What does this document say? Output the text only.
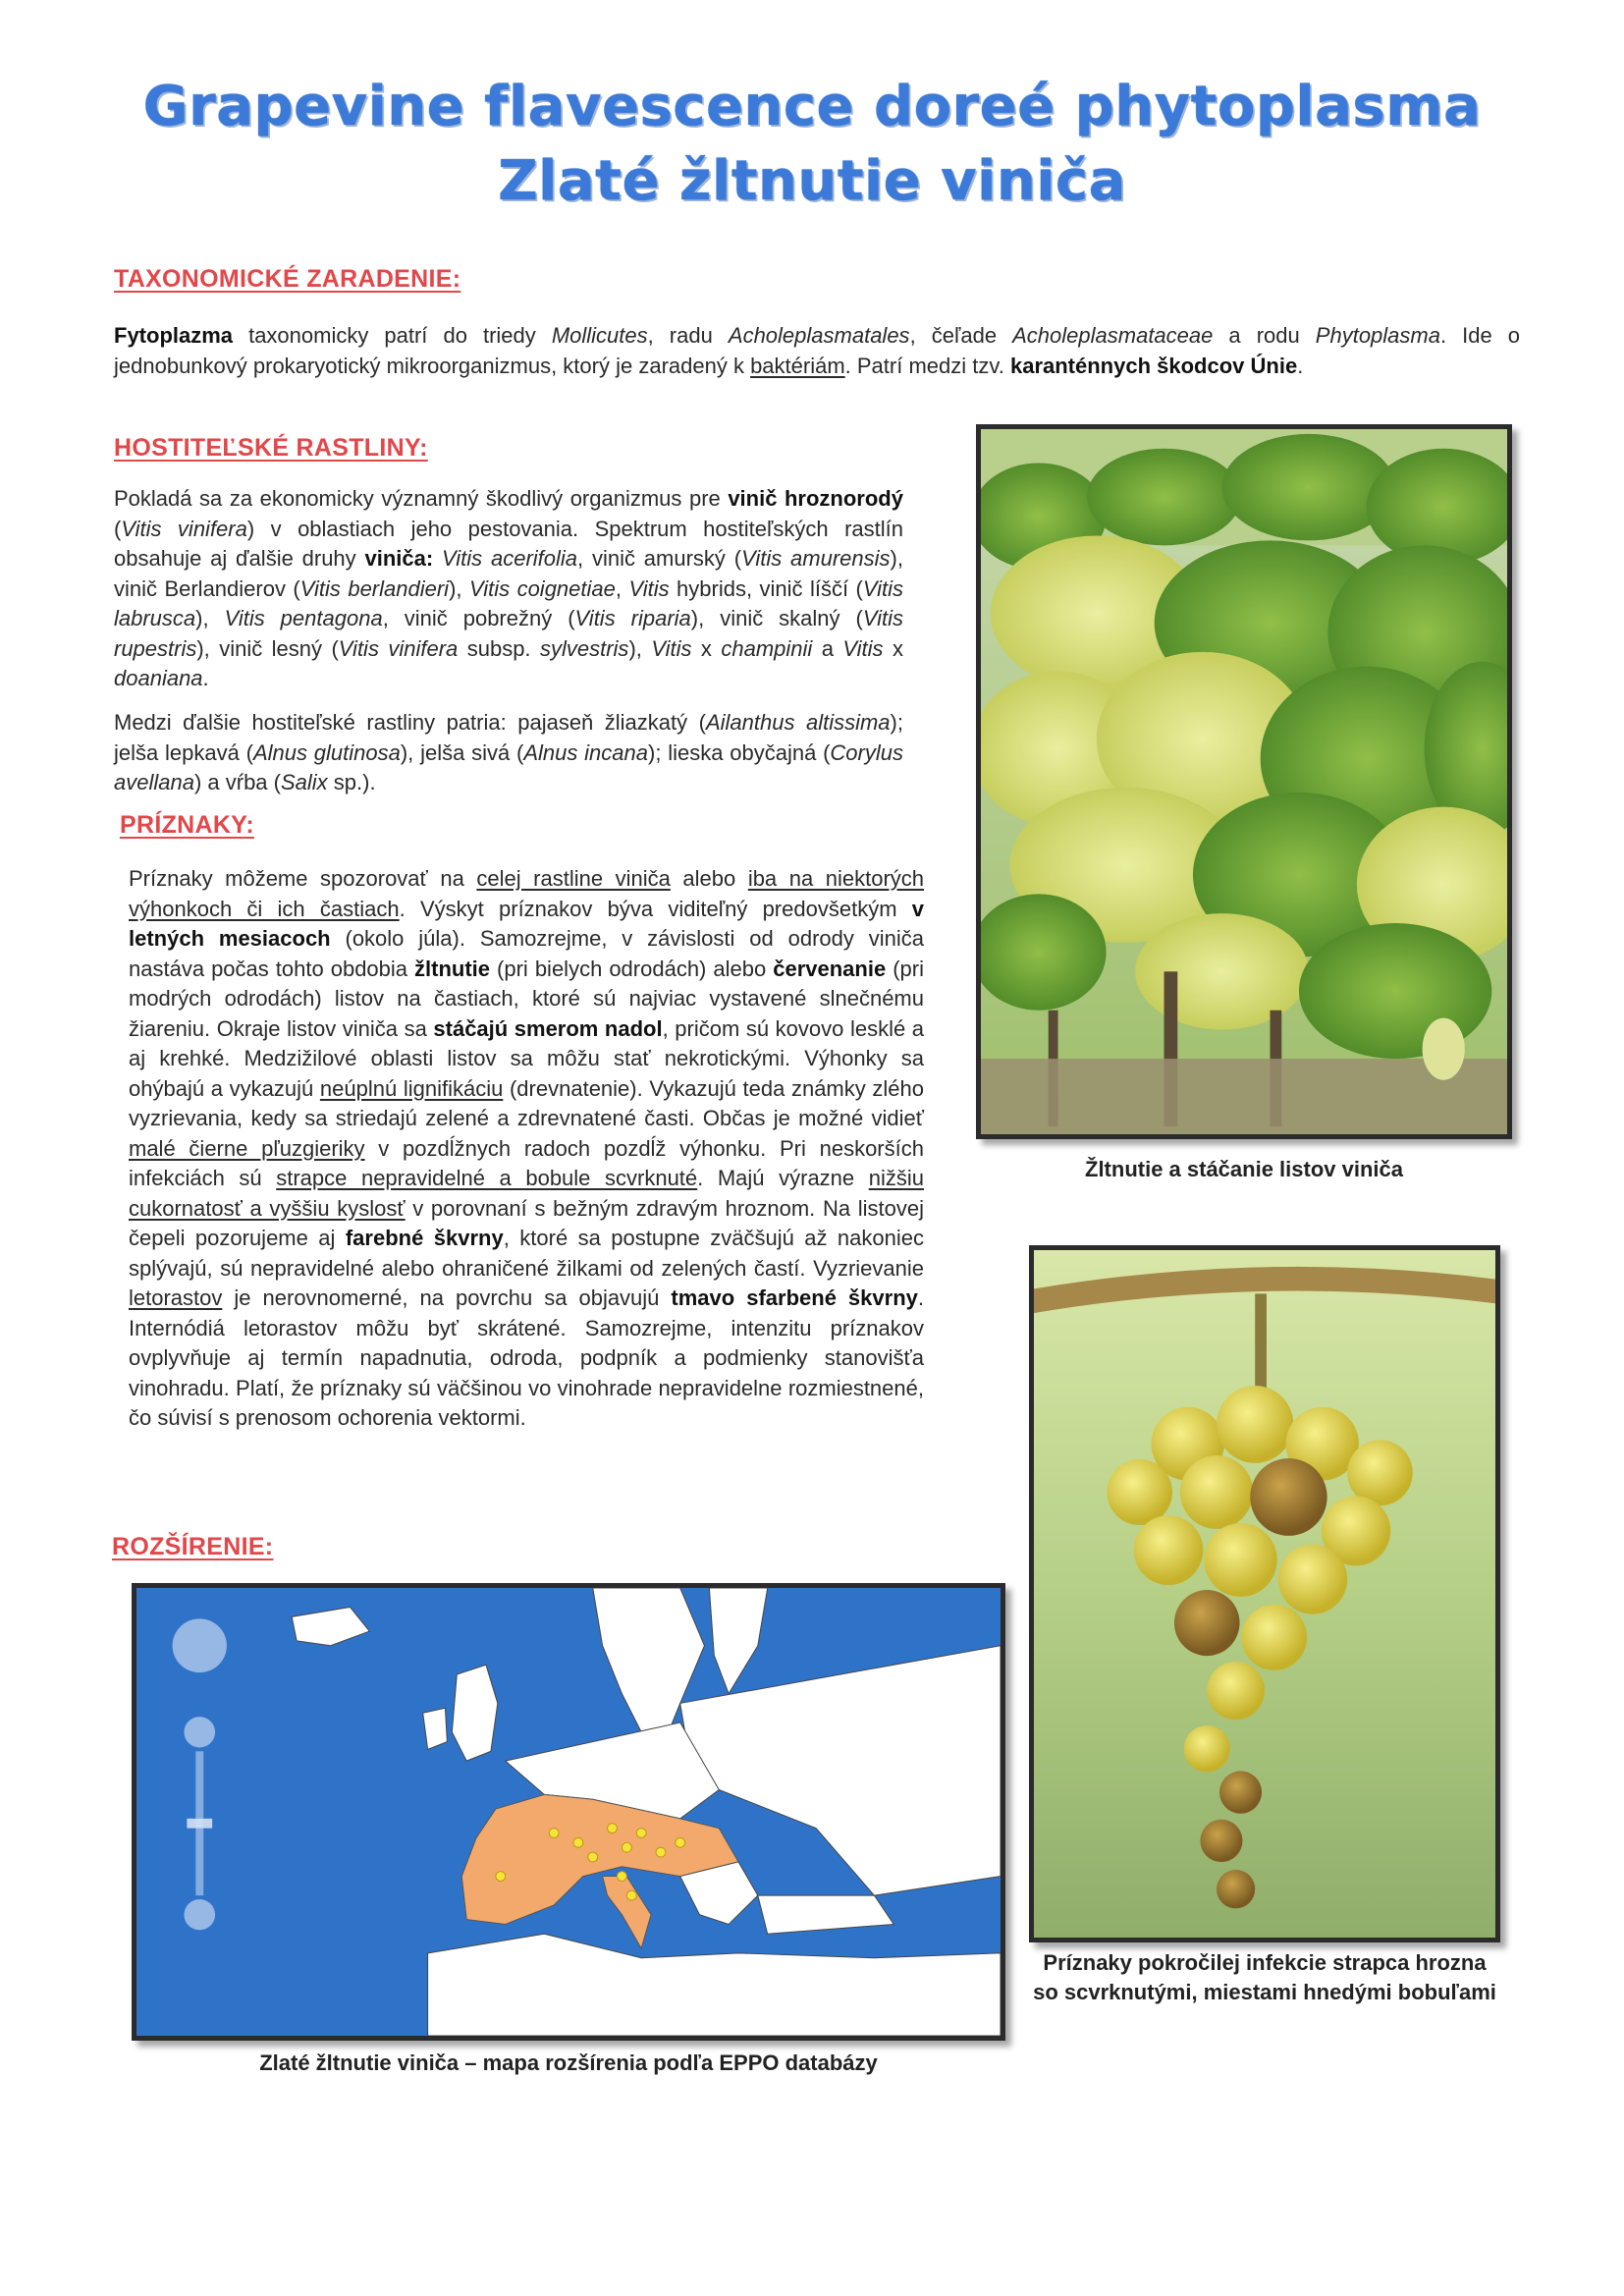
Grapevine flavescence doreé phytoplasma
Zlaté žltnutie viniča
TAXONOMICKÉ ZARADENIE:
Fytoplazma taxonomicky patrí do triedy Mollicutes, radu Acholeplasmatales, čeľade Acholeplasmataceae a rodu Phytoplasma. Ide o jednobunkový prokaryotický mikroorganizmus, ktorý je zaradený k baktériám. Patrí medzi tzv. karanténnych škodcov Únie.
HOSTITEĽSKÉ RASTLINY:
Pokladá sa za ekonomicky významný škodlivý organizmus pre vinič hroznorodý (Vitis vinifera) v oblastiach jeho pestovania. Spektrum hostiteľských rastlín obsahuje aj ďalšie druhy viniča: Vitis acerifolia, vinič amurský (Vitis amurensis), vinič Berlandierov (Vitis berlandieri), Vitis coignetiae, Vitis hybrids, vinič líščí (Vitis labrusca), Vitis pentagona, vinič pobrežný (Vitis riparia), vinič skalný (Vitis rupestris), vinič lesný (Vitis vinifera subsp. sylvestris), Vitis x champinii a Vitis x doaniana.
Medzi ďalšie hostiteľské rastliny patria: pajaseň žliazkatý (Ailanthus altissima); jelša lepkavá (Alnus glutinosa), jelša sivá (Alnus incana); lieska obyčajná (Corylus avellana) a vŕba (Salix sp.).
PRÍZNAKY:
Príznaky môžeme spozorovať na celej rastline viniča alebo iba na niektorých výhonkoch či ich častiach. Výskyt príznakov býva viditeľný predovšetkým v letných mesiacoch (okolo júla). Samozrejme, v závislosti od odrody viniča nastáva počas tohto obdobia žltnutie (pri bielych odrodách) alebo červenanie (pri modrých odrodách) listov na častiach, ktoré sú najviac vystavené slnečnému žiareniu. Okraje listov viniča sa stáčajú smerom nadol, pričom sú kovovo lesklé a aj krehké. Medzižilové oblasti listov sa môžu stať nekrotickými. Výhonky sa ohýbajú a vykazujú neúplnú lignifikáciu (drevnatenie). Vykazujú teda známky zlého vyzrievania, kedy sa striedajú zelené a zdrevnatené časti. Občas je možné vidieť malé čierne pľuzgieriky v pozdĺžnych radoch pozdĺž výhonku. Pri neskorších infekciách sú strapce nepravidelné a bobule scvrknuté. Majú výrazne nižšiu cukornatosť a vyššiu kyslosť v porovnaní s bežným zdravým hroznom. Na listovej čepeli pozorujeme aj farebné škvrny, ktoré sa postupne zväčšujú až nakoniec splývajú, sú nepravidelné alebo ohraničené žilkami od zelených častí. Vyzrievanie letorastov je nerovnomerné, na povrchu sa objavujú tmavo sfarbené škvrny. Internódiá letorastov môžu byť skrátené. Samozrejme, intenzitu príznakov ovplyvňuje aj termín napadnutia, odroda, podpník a podmienky stanovišťa vinohradu. Platí, že príznaky sú väčšinou vo vinohrade nepravidelne rozmiestnené, čo súvisí s prenosom ochorenia vektormi.
ROZŠÍRENIE:
Žltnutie a stáčanie listov viniča
Príznaky pokročilej infekcie strapca hrozna so scvrknutými, miestami hnedými bobuľami
Zlaté žltnutie viniča – mapa rozšírenia podľa EPPO databázy
